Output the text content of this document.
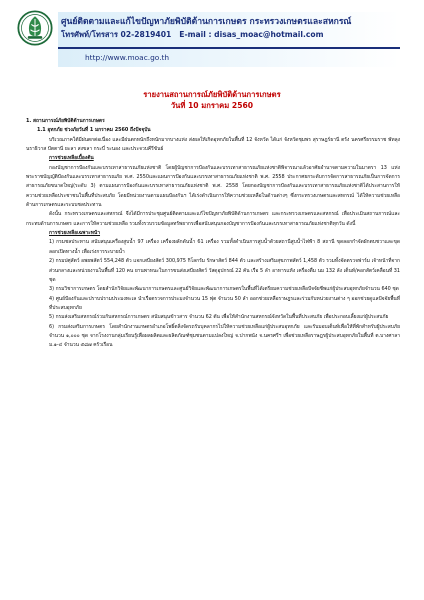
ศูนย์ติดตามและแก้ไขปัญหาภัยพิบัติด้านการเกษตร กระทรวงเกษตรและสหกรณ์
โทรศัพท์/โทรสาร 02-2819401 E-mail : disas_moac@hotmail.com
http://www.moac.go.th
รายงานสถานการณ์ภัยพิบัติด้านการเกษตร
วันที่ 10 มกราคม 2560

1. สถานการณ์ภัยพิบัติด้านการเกษตร

1.1 อุทกภัย ช่วงภัยวันที่ 1 มกราคม 2560 ถึงปัจจุบัน

บริเวณภาคใต้มีฝนตกต่อเนื่อง และมีฝนตกหนักถึงหนักมากบางแห่ง ส่งผลให้เกิดอุทกภัยในพื้นที่ 12 จังหวัด ได้แก่ จังหวัดชุมพร สุราษฎร์ธานี ตรัง นครศรีธรรมราช พัทลุง นราธิวาส ปัตตานี ยะลา สงขลา กระบี่ ระนอง และประจวบคีรีขันธ์

การช่วยเหลือเบื้องต้น

กองบัญชาการป้องกันและบรรเทาสาธารณภัยแห่งชาติ โดยผู้บัญชาการป้องกันและบรรเทาสาธารณภัยแห่งชาติพิจารณาแล้วอาศัยอำนาจตามความในมาตรา 13 แห่งพระราชบัญญัติป้องกันและบรรเทาสาธารณภัย พ.ศ. 2550และแผนการป้องกันและบรรเทาสาธารณภัยแห่งชาติ พ.ศ. 2558 ประกาศยกระดับการจัดการสาธารณภัยเป็นการจัดการสาธารณภัยขนาดใหญ่(ระดับ 3) ตามแผนการป้องกันและบรรเทาสาธารณภัยแห่งชาติ พ.ศ. 2558 โดยกองบัญชาการป้องกันและบรรเทาสาธารณภัยแห่งชาติได้ประสานการให้ความช่วยเหลือประชาชนในพื้นที่ประสบภัย โดยมีหน่วยงานตามแผนป้องกันฯ ได้เร่งดำเนินการให้ความช่วยเหลือในด้านต่างๆ ซึ่งกระทรวงเกษตรและสหกรณ์ ได้ให้ความช่วยเหลือด้านการเกษตรและระบบชลประทาน

ดังนั้น กระทรวงเกษตรและสหกรณ์ จึงได้มีการประชุมศูนย์ติดตามและแก้ไขปัญหาภัยพิบัติด้านการเกษตร และกระทรวงเกษตรและสหกรณ์ เพื่อประเมินสถานการณ์และกระทบด้านการเกษตร และการให้ความช่วยเหลือ รวมทั้งรวบรวมข้อมูลทรัพยากรเพื่อสนับสนุนกองบัญชาการป้องกันและบรรเทาสาธารณภัยแห่งชาติทุกวัน ดังนี้

การช่วยเหลือเฉพาะหน้า

1) กรมชลประทาน สนับสนุนเครื่องสูบน้ำ 97 เครื่อง เครื่องผลักดันน้ำ 61 เครื่อง รวมทั้งดำเนินการสูบน้ำด้วยสถานีสูบน้ำไฟฟ้า 8 สถานี ขุดลอกกำจัดผักตบชวาและขุดลอกเปิดทางน้ำ เพื่อเร่งการระบายน้ำ

2) กรมปศุสัตว์ อพยพสัตว์ 554,248 ตัว แจกเสบียงสัตว์ 300,975 กิโลกรัม รักษาสัตว์ 844 ตัว และสร้างเสริมสุขภาพสัตว์ 1,458 ตัว รวมทั้งจัดตรวจฟาร์ม เจ้าหน้าที่จากส่วนกลางและหน่วยงานในพื้นที่ 120 คน ยานพาหนะในการขนส่งเสบียงสัตว์ วัสดุอุปกรณ์ 22 คัน เรือ 5 ลำ อาหารแห้ง เครื่องดื่ม นม 132 ลัง เต็นท์/คอกสัตว์เคลื่อนที่ 31 ชุด

3) กรมวิชาการเกษตร โดยสำนักวิจัยและพัฒนาการเกษตรและศูนย์วิจัยและพัฒนาการเกษตรในพื้นที่ได้เตรียมความช่วยเหลือปัจจัยชีพแก่ผู้ประสบอุทกภัยจำนวน 640 ชุด

4) ศูนย์ป้องกันและปราบปรามประมงทะเล นำเรือตรวจการประมงจำนวน 15 ฟุต จำนวน 50 ลำ ออกช่วยเหลือราษฎรและร่วมกับหน่วยงานต่าง ๆ ออกช่วยดูแลปัจจัยพื้นที่ที่ประสบอุทกภัย

5) กรมส่งเสริมสหกรณ์ร่วมกับสหกรณ์การเกษตร สนับสนุนข้าวสาร จำนวน 62 ตัน เพื่อให้สำนักงานสหกรณ์จังหวัดในพื้นที่ประสบภัย เพื่อประกอบเลี้ยงแก่ผู้ประสบภัย

6) กรมส่งเสริมการเกษตร โดยสำนักงานเกษตรอำเภอโพธิ์ตลิ่งจัดรถรับบุคลากรไปให้ความช่วยเหลือแก่ผู้ประสบอุทกภัย และรับมอบเต็นท์เพื่อให้ที่พักสำหรับผู้ประสบภัย จำนวน ๑,๐๐๐ ชุด จากโรงงานกลุ่มเรียนรู้เพื่อผลผลิตและผลิตภัณฑ์ชุมชนตามแปลงใหญ่ จ.ปากพนัง จ.นครศรีฯ เพื่อช่วยเหลือราษฎรผู้ประสบอุทกภัยในพื้นที่ ต.บางศาลา ม.๑-๔ จำนวน ๕๘๗ ครัวเรือน
